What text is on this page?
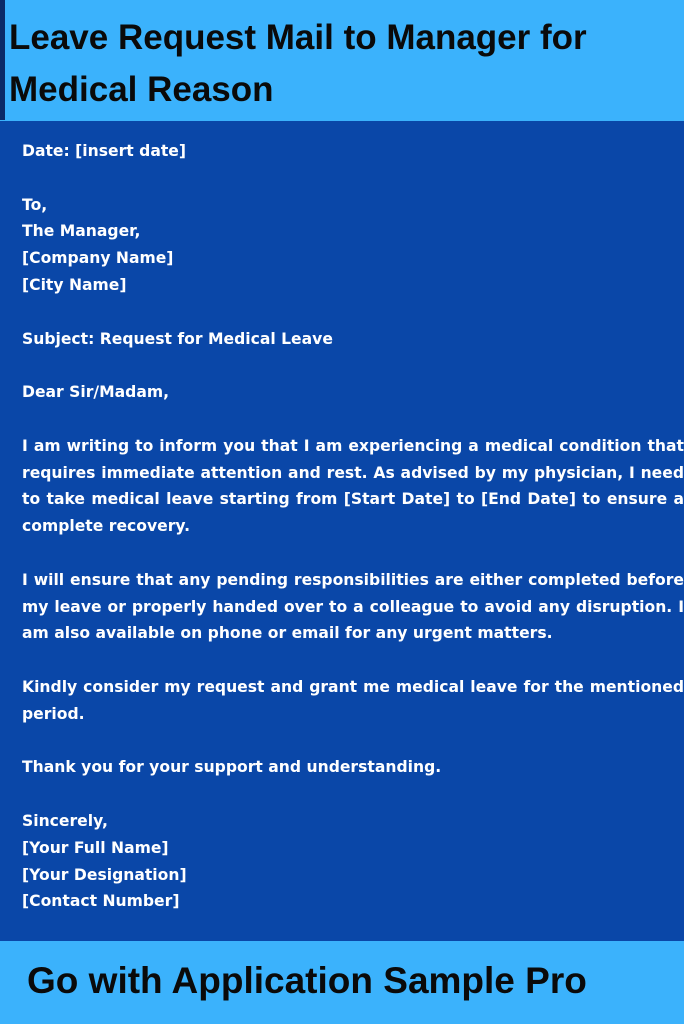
Leave Request Mail to Manager for
Medical Reason

Date: [insert date]

To,
The Manager,
[Company Name]
[City Name]

Subject: Request for Medical Leave

Dear Sir/Madam,

I am writing to inform you that I am experiencing a medical condition that requires immediate attention and rest. As advised by my physician, I need to take medical leave starting from [Start Date] to [End Date] to ensure a complete recovery.

I will ensure that any pending responsibilities are either completed before my leave or properly handed over to a colleague to avoid any disruption. I am also available on phone or email for any urgent matters.

Kindly consider my request and grant me medical leave for the mentioned period.

Thank you for your support and understanding.

Sincerely,
[Your Full Name]
[Your Designation]
[Contact Number]

Go with Application Sample Pro
